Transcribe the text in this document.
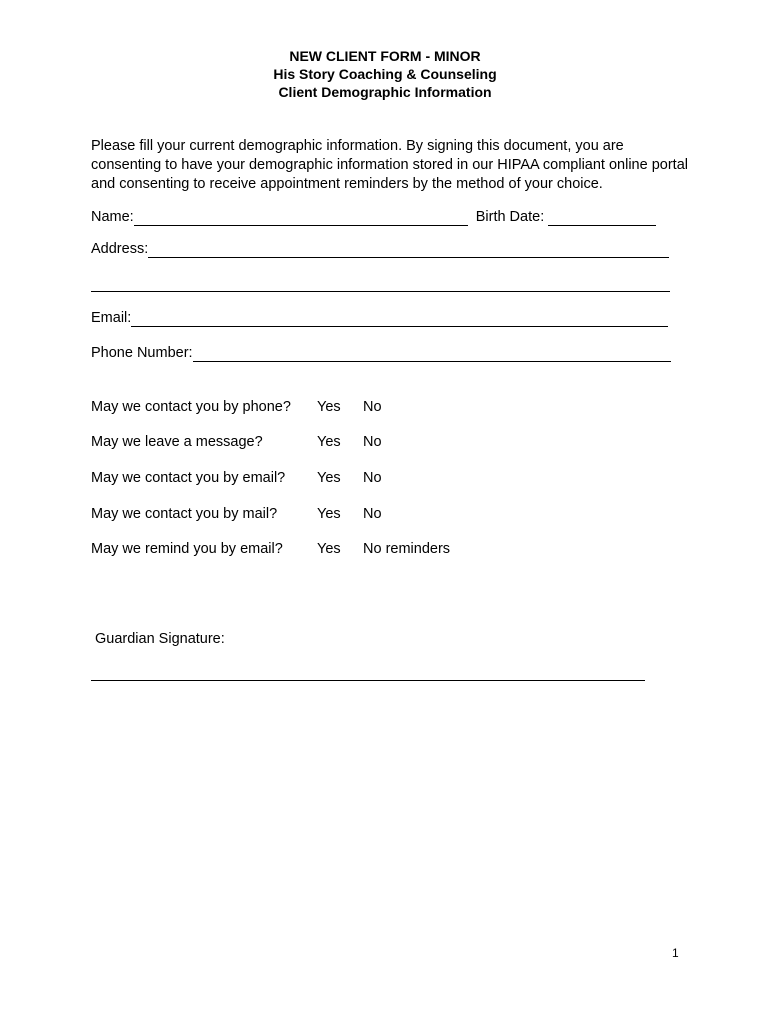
NEW CLIENT FORM - MINOR
His Story Coaching & Counseling
Client Demographic Information

Please fill your current demographic information. By signing this document, you are consenting to have your demographic information stored in our HIPAA compliant online portal and consenting to receive appointment reminders by the method of your choice.

Name:	Birth Date:
Address:
Email:
Phone Number:
May we contact you by phone? Yes No
May we leave a message?	Yes No
May we contact you by email? Yes No
May we contact you by mail?	Yes No
May we remind you by email? Yes No reminders
Guardian Signature:
1
